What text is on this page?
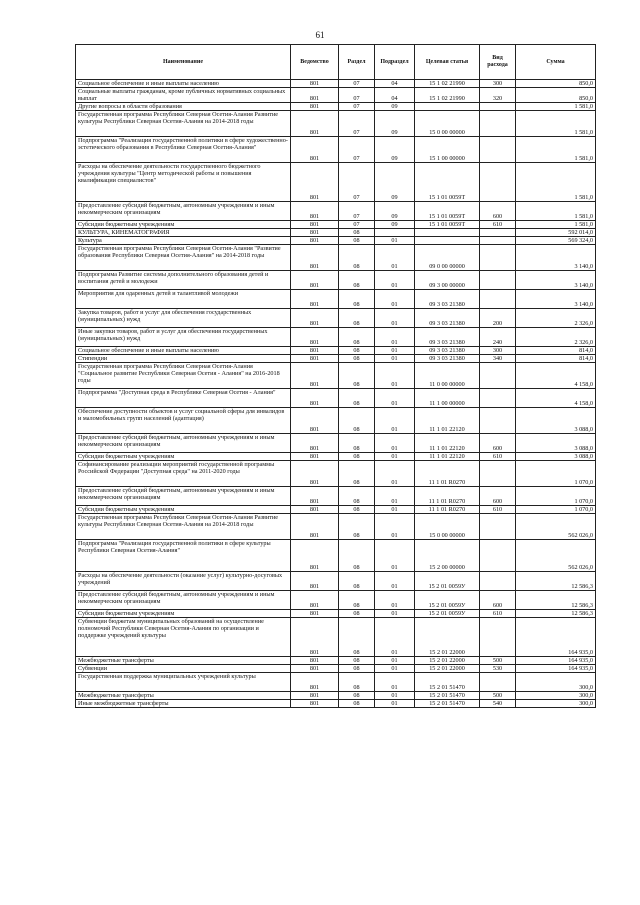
61
Наименование	Ведомство	Раздел	Подраздел	Целевая статья	Вид расхода	Сумма
Социальное обеспечение и иные выплаты населению	801	07	04	15 1 02 21990	300	850,0
Социальные выплаты гражданам, кроме публичных нормативных социальных выплат	801	07	04	15 1 02 21990	320	850,0
Другие вопросы в области образования	801	07	09			1 581,0
Государственная программа Республики Северная Осетия-Алания Развитие культуры Республики Северная Осетия-Алания на 2014-2018 годы	801	07	09	15 0 00 00000		1 581,0
Подпрограмма "Реализация государственной политики в сфере художественно-эстетического образования в Республике Северная Осетия-Алания"	801	07	09	15 1 00 00000		1 581,0
Расходы на обеспечение деятельности государственного бюджетного учреждения культуры "Центр методической работы и повышения квалификации специалистов"	801	07	09	15 1 01 0059Т		1 581,0
Предоставление субсидий бюджетным, автономным учреждениям и иным некоммерческим организациям	801	07	09	15 1 01 0059Т	600	1 581,0
Субсидии бюджетным учреждениям	801	07	09	15 1 01 0059Т	610	1 581,0
КУЛЬТУРА, КИНЕМАТОГРАФИЯ	801	08				592 014,0
Культура	801	08	01			569 324,0
Государственная программа Республики Северная Осетия-Алания "Развитие образования Республики Северная Осетия-Алания" на 2014-2018 годы	801	08	01	09 0 00 00000		3 140,0
Подпрограмма Развитие системы дополнительного образования детей и воспитания детей и молодежи	801	08	01	09 3 00 00000		3 140,0
Мероприятия для одаренных детей и талантливой молодежи	801	08	01	09 3 03 21380		3 140,0
Закупка товаров, работ и услуг для обеспечения государственных (муниципальных) нужд	801	08	01	09 3 03 21380	200	2 326,0
Иные закупки товаров, работ и услуг для обеспечения государственных (муниципальных) нужд	801	08	01	09 3 03 21380	240	2 326,0
Социальное обеспечение и иные выплаты населению	801	08	01	09 3 03 21380	300	814,0
Стипендии	801	08	01	09 3 03 21380	340	814,0
Государственная программа Республики Северная Осетия-Алания "Социальное развитие Республики Северная Осетия - Алания" на 2016-2018 годы	801	08	01	11 0 00 00000		4 158,0
Подпрограмма "Доступная среда в Республике Северная Осетия - Алания"	801	08	01	11 1 00 00000		4 158,0
Обеспечение доступности объектов и услуг социальной сферы для инвалидов и маломобильных групп населений (адаптация)	801	08	01	11 1 01 22120		3 088,0
Предоставление субсидий бюджетным, автономным учреждениям и иным некоммерческим организациям	801	08	01	11 1 01 22120	600	3 088,0
Субсидии бюджетным учреждениям	801	08	01	11 1 01 22120	610	3 088,0
Софинансирование реализации мероприятий государственной программы Российской Федерации "Доступная среда" на 2011-2020 годы	801	08	01	11 1 01 R0270		1 070,0
Предоставление субсидий бюджетным, автономным учреждениям и иным некоммерческим организациям	801	08	01	11 1 01 R0270	600	1 070,0
Субсидии бюджетным учреждениям	801	08	01	11 1 01 R0270	610	1 070,0
Государственная программа Республики Северная Осетия-Алания Развитие культуры Республики Северная Осетия-Алания на 2014-2018 годы	801	08	01	15 0 00 00000		562 026,0
Подпрограмма "Реализация государственной политики в сфере культуры Республики Северная Осетия-Алания"	801	08	01	15 2 00 00000		562 026,0
Расходы на обеспечение деятельности (оказание услуг) культурно-досуговых учреждений	801	08	01	15 2 01 0059У		12 586,3
Предоставление субсидий бюджетным, автономным учреждениям и иным некоммерческим организациям	801	08	01	15 2 01 0059У	600	12 586,3
Субсидии бюджетным учреждениям	801	08	01	15 2 01 0059У	610	12 586,3
Субвенции бюджетам муниципальных образований на осуществление полномочий Республики Северная Осетия-Алания по организации и поддержке учреждений культуры	801	08	01	15 2 01 22000		164 935,0
Межбюджетные трансферты	801	08	01	15 2 01 22000	500	164 935,0
Субвенции	801	08	01	15 2 01 22000	530	164 935,0
Государственная поддержка муниципальных учреждений культуры	801	08	01	15 2 01 51470		300,0
Межбюджетные трансферты	801	08	01	15 2 01 51470	500	300,0
Иные межбюджетные трансферты	801	08	01	15 2 01 51470	540	300,0
